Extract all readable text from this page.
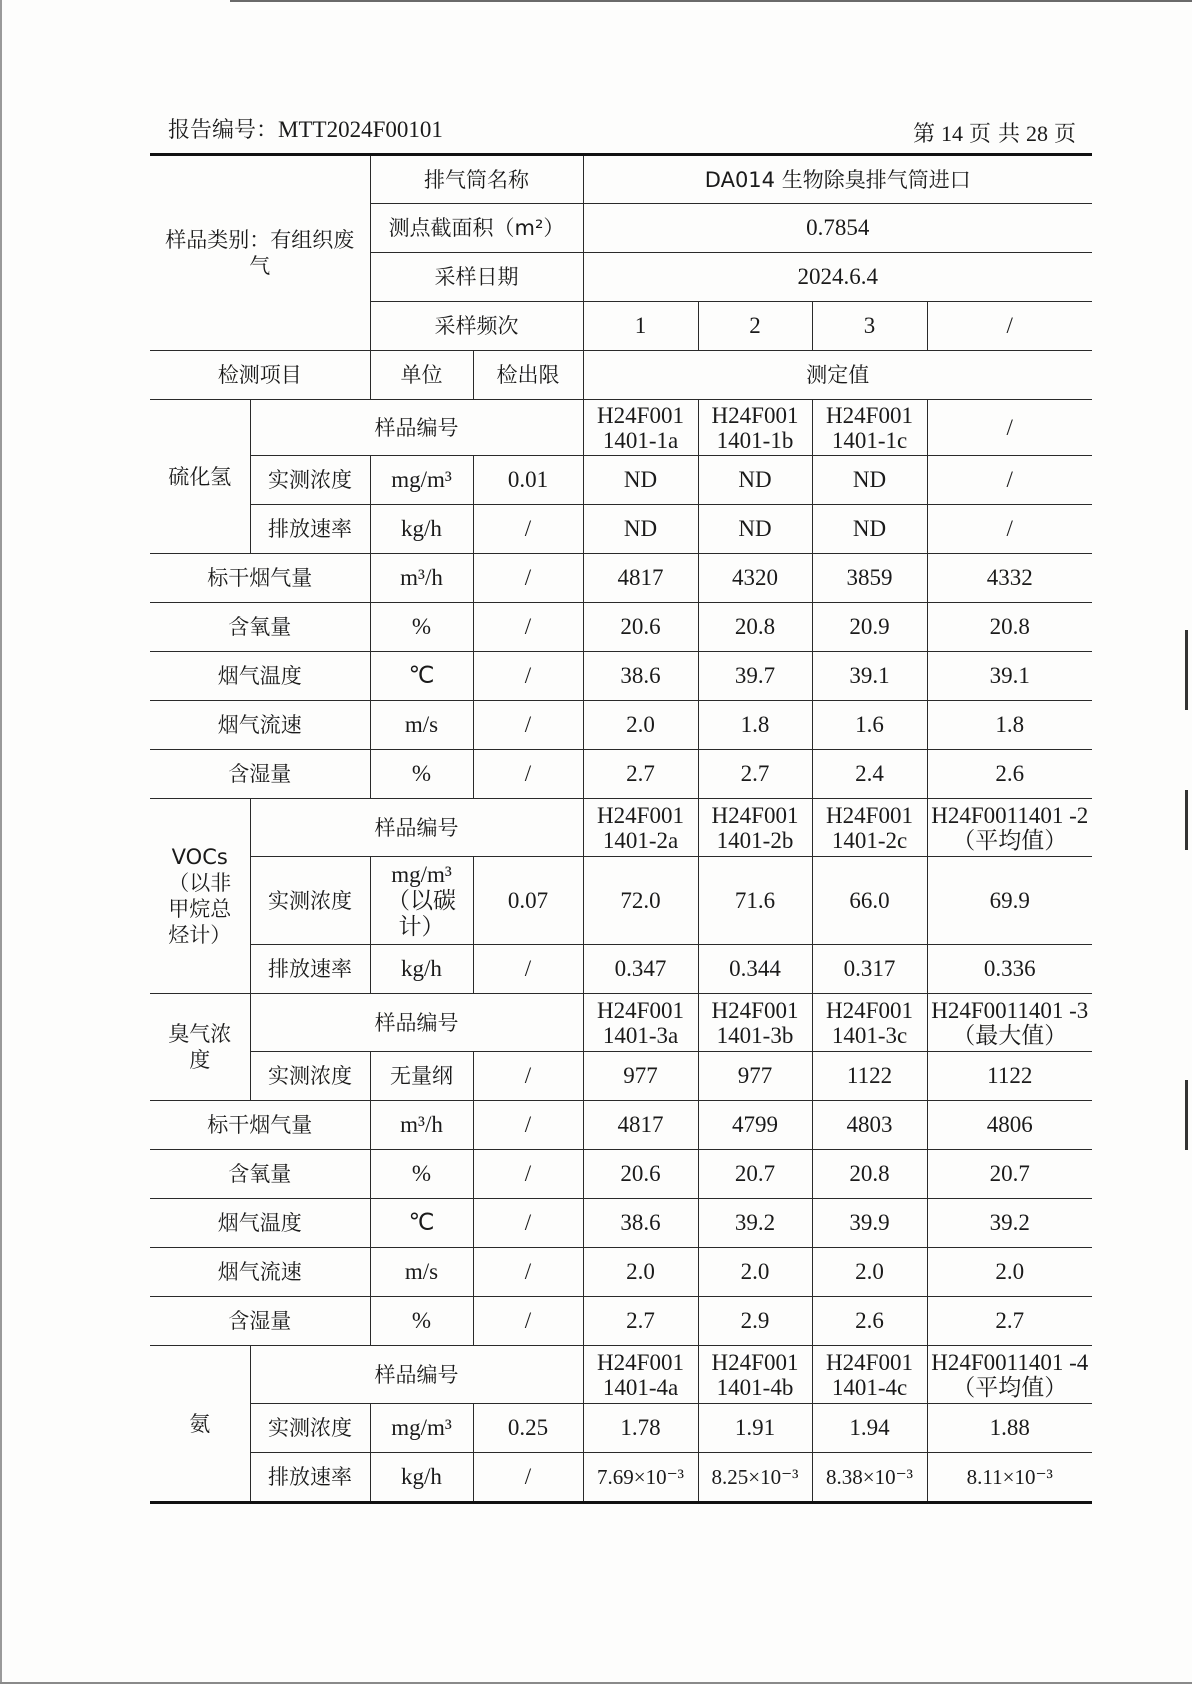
报告编号：MTT2024F00101	第 14 页 共 28 页
样品类别：有组织废气		排气筒名称		DA014 生物除臭排气筒进口			
		测点截面积（m²）		0.7854			
		采样日期		2024.6.4			
		采样频次		1	2	3	/
检测项目		单位	检出限	测定值			
硫化氢	样品编号			H24F001 1401-1a	H24F001 1401-1b	H24F001 1401-1c	/
	实测浓度	mg/m³	0.01	ND	ND	ND	/
	排放速率	kg/h	/	ND	ND	ND	/
标干烟气量		m³/h	/	4817	4320	3859	4332
含氧量		%	/	20.6	20.8	20.9	20.8
烟气温度		℃	/	38.6	39.7	39.1	39.1
烟气流速		m/s	/	2.0	1.8	1.6	1.8
含湿量		%	/	2.7	2.7	2.4	2.6
VOCs（以非甲烷总烃计）	样品编号			H24F001 1401-2a	H24F001 1401-2b	H24F001 1401-2c	H24F0011401 -2（平均值）
	实测浓度	mg/m³（以碳计）	0.07	72.0	71.6	66.0	69.9
	排放速率	kg/h	/	0.347	0.344	0.317	0.336
臭气浓度	样品编号			H24F001 1401-3a	H24F001 1401-3b	H24F001 1401-3c	H24F0011401 -3（最大值）
	实测浓度	无量纲	/	977	977	1122	1122
标干烟气量		m³/h	/	4817	4799	4803	4806
含氧量		%	/	20.6	20.7	20.8	20.7
烟气温度		℃	/	38.6	39.2	39.9	39.2
烟气流速		m/s	/	2.0	2.0	2.0	2.0
含湿量		%	/	2.7	2.9	2.6	2.7
氨	样品编号			H24F001 1401-4a	H24F001 1401-4b	H24F001 1401-4c	H24F0011401 -4（平均值）
	实测浓度	mg/m³	0.25	1.78	1.91	1.94	1.88
	排放速率	kg/h	/	7.69×10⁻³	8.25×10⁻³	8.38×10⁻³	8.11×10⁻³
